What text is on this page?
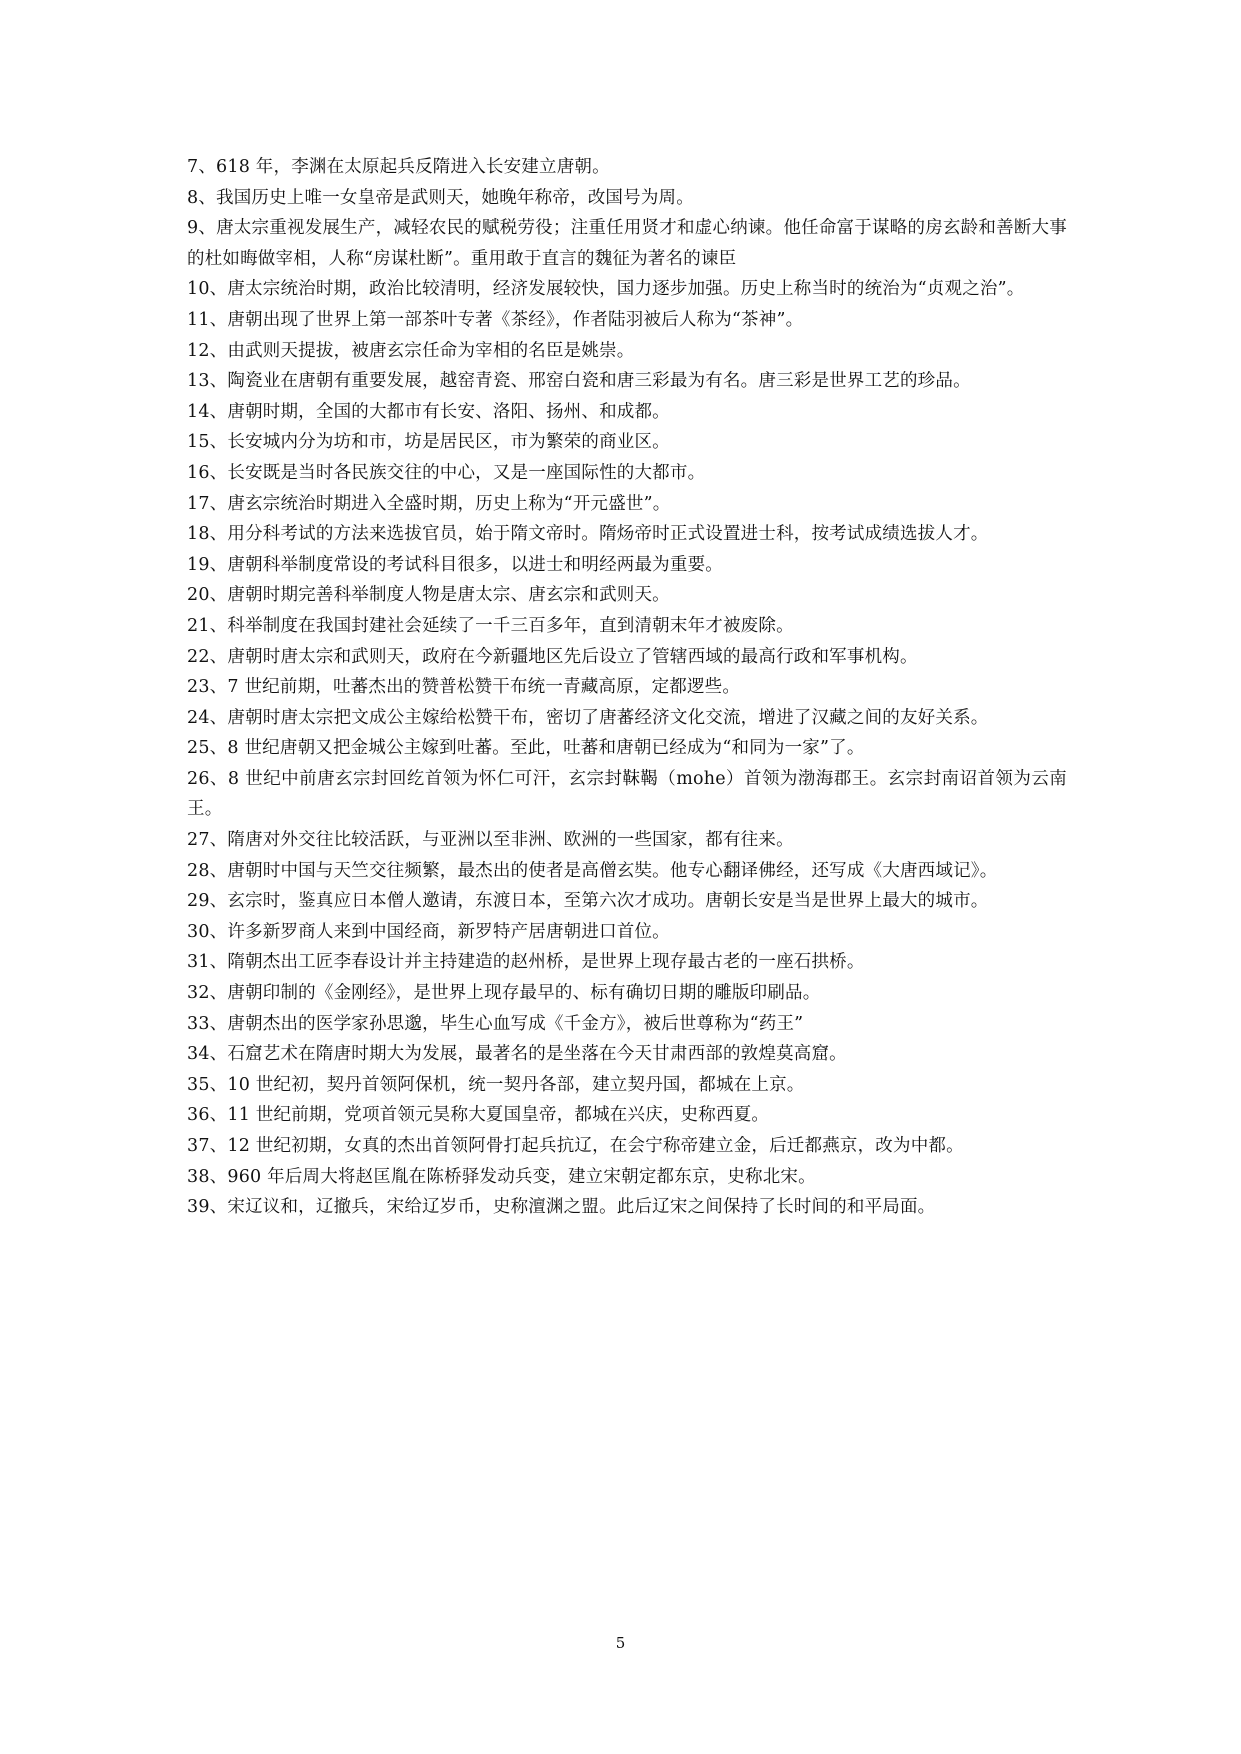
7、618 年，李渊在太原起兵反隋进入长安建立唐朝。

8、我国历史上唯一女皇帝是武则天，她晚年称帝，改国号为周。

9、唐太宗重视发展生产，减轻农民的赋税劳役；注重任用贤才和虚心纳谏。他任命富于谋略的房玄龄和善断大事的杜如晦做宰相，人称“房谋杜断”。重用敢于直言的魏征为著名的谏臣

10、唐太宗统治时期，政治比较清明，经济发展较快，国力逐步加强。历史上称当时的统治为“贞观之治”。

11、唐朝出现了世界上第一部茶叶专著《茶经》，作者陆羽被后人称为“茶神”。

12、由武则天提拔，被唐玄宗任命为宰相的名臣是姚崇。

13、陶瓷业在唐朝有重要发展，越窑青瓷、邢窑白瓷和唐三彩最为有名。唐三彩是世界工艺的珍品。

14、唐朝时期，全国的大都市有长安、洛阳、扬州、和成都。

15、长安城内分为坊和市，坊是居民区，市为繁荣的商业区。

16、长安既是当时各民族交往的中心，又是一座国际性的大都市。

17、唐玄宗统治时期进入全盛时期，历史上称为“开元盛世”。

18、用分科考试的方法来选拔官员，始于隋文帝时。隋炀帝时正式设置进士科，按考试成绩选拔人才。

19、唐朝科举制度常设的考试科目很多，以进士和明经两最为重要。

20、唐朝时期完善科举制度人物是唐太宗、唐玄宗和武则天。

21、科举制度在我国封建社会延续了一千三百多年，直到清朝末年才被废除。

22、唐朝时唐太宗和武则天，政府在今新疆地区先后设立了管辖西域的最高行政和军事机构。

23、7 世纪前期，吐蕃杰出的赞普松赞干布统一青藏高原，定都逻些。

24、唐朝时唐太宗把文成公主嫁给松赞干布，密切了唐蕃经济文化交流，增进了汉藏之间的友好关系。

25、8 世纪唐朝又把金城公主嫁到吐蕃。至此，吐蕃和唐朝已经成为“和同为一家”了。

26、8 世纪中前唐玄宗封回纥首领为怀仁可汗，玄宗封靺鞨（mohe）首领为渤海郡王。玄宗封南诏首领为云南王。

27、隋唐对外交往比较活跃，与亚洲以至非洲、欧洲的一些国家，都有往来。

28、唐朝时中国与天竺交往频繁，最杰出的使者是高僧玄奘。他专心翻译佛经，还写成《大唐西域记》。

29、玄宗时，鉴真应日本僧人邀请，东渡日本，至第六次才成功。唐朝长安是当是世界上最大的城市。

30、许多新罗商人来到中国经商，新罗特产居唐朝进口首位。

31、隋朝杰出工匠李春设计并主持建造的赵州桥，是世界上现存最古老的一座石拱桥。

32、唐朝印制的《金刚经》，是世界上现存最早的、标有确切日期的雕版印刷品。

33、唐朝杰出的医学家孙思邈，毕生心血写成《千金方》，被后世尊称为“药王”

34、石窟艺术在隋唐时期大为发展，最著名的是坐落在今天甘肃西部的敦煌莫高窟。

35、10 世纪初，契丹首领阿保机，统一契丹各部，建立契丹国，都城在上京。

36、11 世纪前期，党项首领元昊称大夏国皇帝，都城在兴庆，史称西夏。

37、12 世纪初期，女真的杰出首领阿骨打起兵抗辽，在会宁称帝建立金，后迁都燕京，改为中都。

38、960 年后周大将赵匡胤在陈桥驿发动兵变，建立宋朝定都东京，史称北宋。

39、宋辽议和，辽撤兵，宋给辽岁币，史称澶渊之盟。此后辽宋之间保持了长时间的和平局面。

5
